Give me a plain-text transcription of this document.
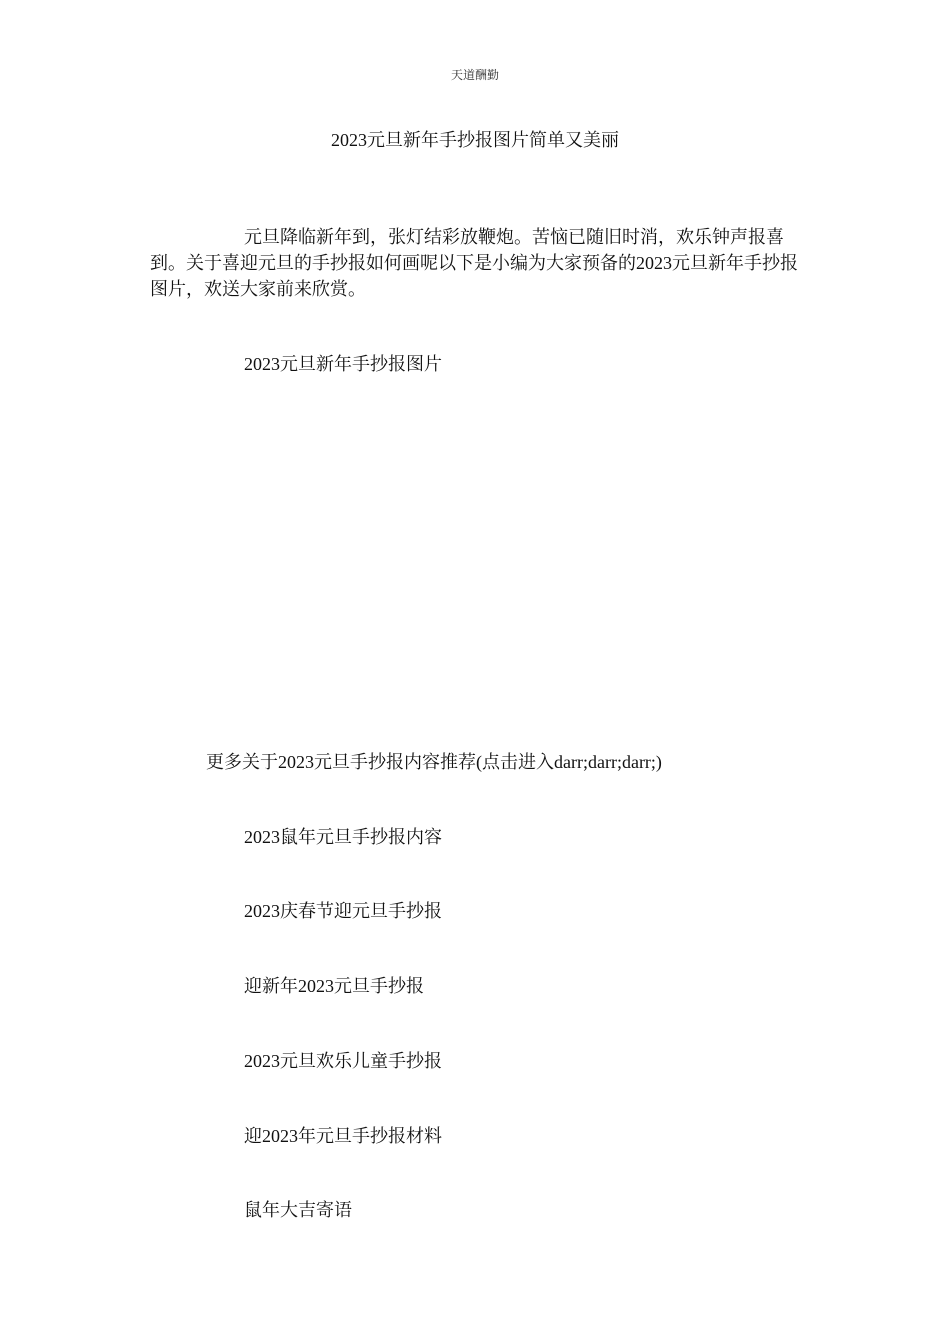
天道酬勤
2023元旦新年手抄报图片简单又美丽

元旦降临新年到，张灯结彩放鞭炮。苦恼已随旧时消，欢乐钟声报喜到。关于喜迎元旦的手抄报如何画呢以下是小编为大家预备的2023元旦新年手抄报图片，欢送大家前来欣赏。

2023元旦新年手抄报图片

更多关于2023元旦手抄报内容推荐(点击进入darr;darr;darr;)

2023鼠年元旦手抄报内容

2023庆春节迎元旦手抄报

迎新年2023元旦手抄报

2023元旦欢乐儿童手抄报

迎2023年元旦手抄报材料

鼠年大吉寄语
